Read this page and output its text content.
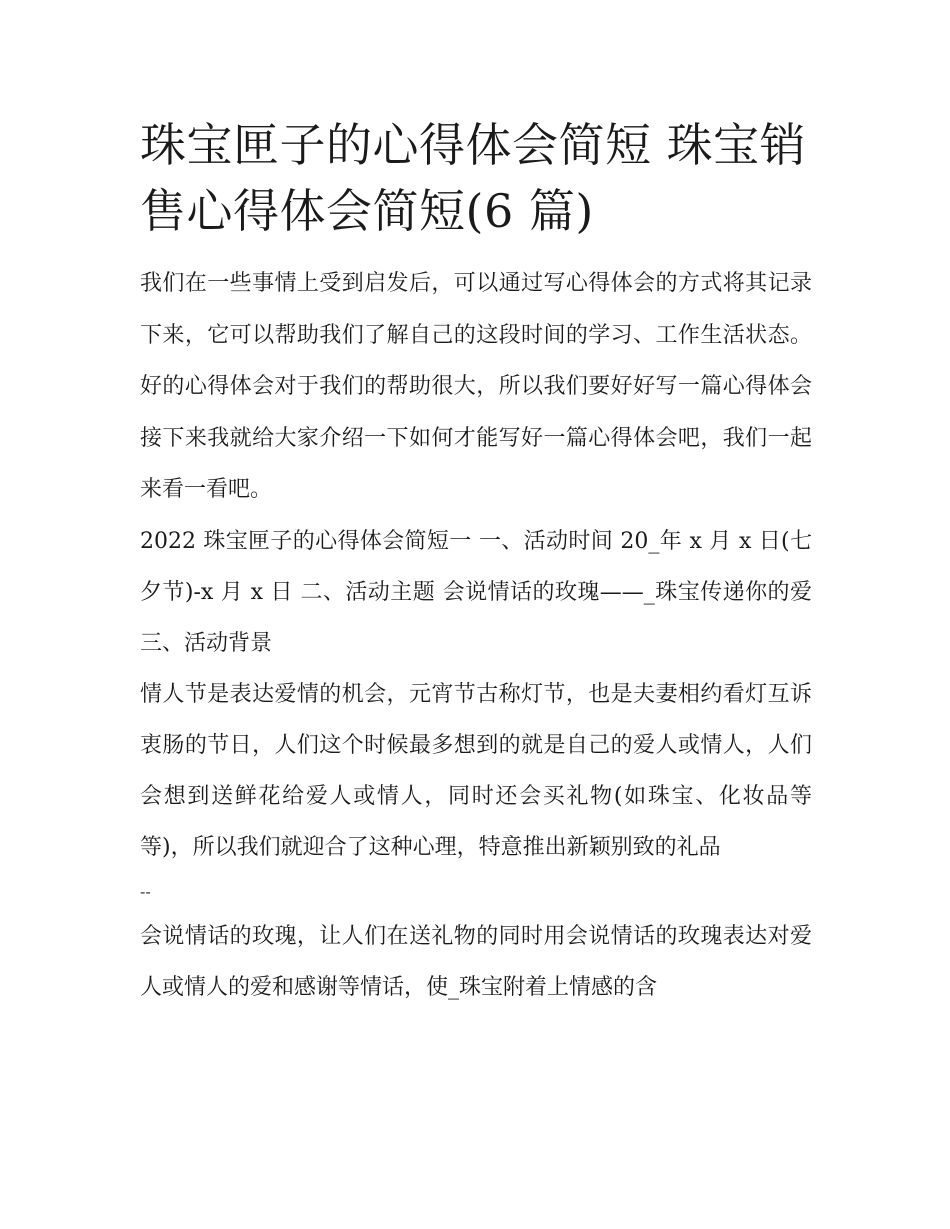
珠宝匣子的心得体会简短 珠宝销售心得体会简短(6 篇)

我们在一些事情上受到启发后，可以通过写心得体会的方式将其记录下来，它可以帮助我们了解自己的这段时间的学习、工作生活状态。好的心得体会对于我们的帮助很大，所以我们要好好写一篇心得体会接下来我就给大家介绍一下如何才能写好一篇心得体会吧，我们一起来看一看吧。

2022 珠宝匣子的心得体会简短一 一、活动时间 20_年 x 月 x 日(七夕节)-x 月 x 日 二、活动主题 会说情话的玫瑰——_珠宝传递你的爱 三、活动背景

情人节是表达爱情的机会，元宵节古称灯节，也是夫妻相约看灯互诉衷肠的节日，人们这个时候最多想到的就是自己的爱人或情人，人们会想到送鲜花给爱人或情人，同时还会买礼物(如珠宝、化妆品等等)，所以我们就迎合了这种心理，特意推出新颖别致的礼品

--

会说情话的玫瑰，让人们在送礼物的同时用会说情话的玫瑰表达对爱人或情人的爱和感谢等情话，使_珠宝附着上情感的含
